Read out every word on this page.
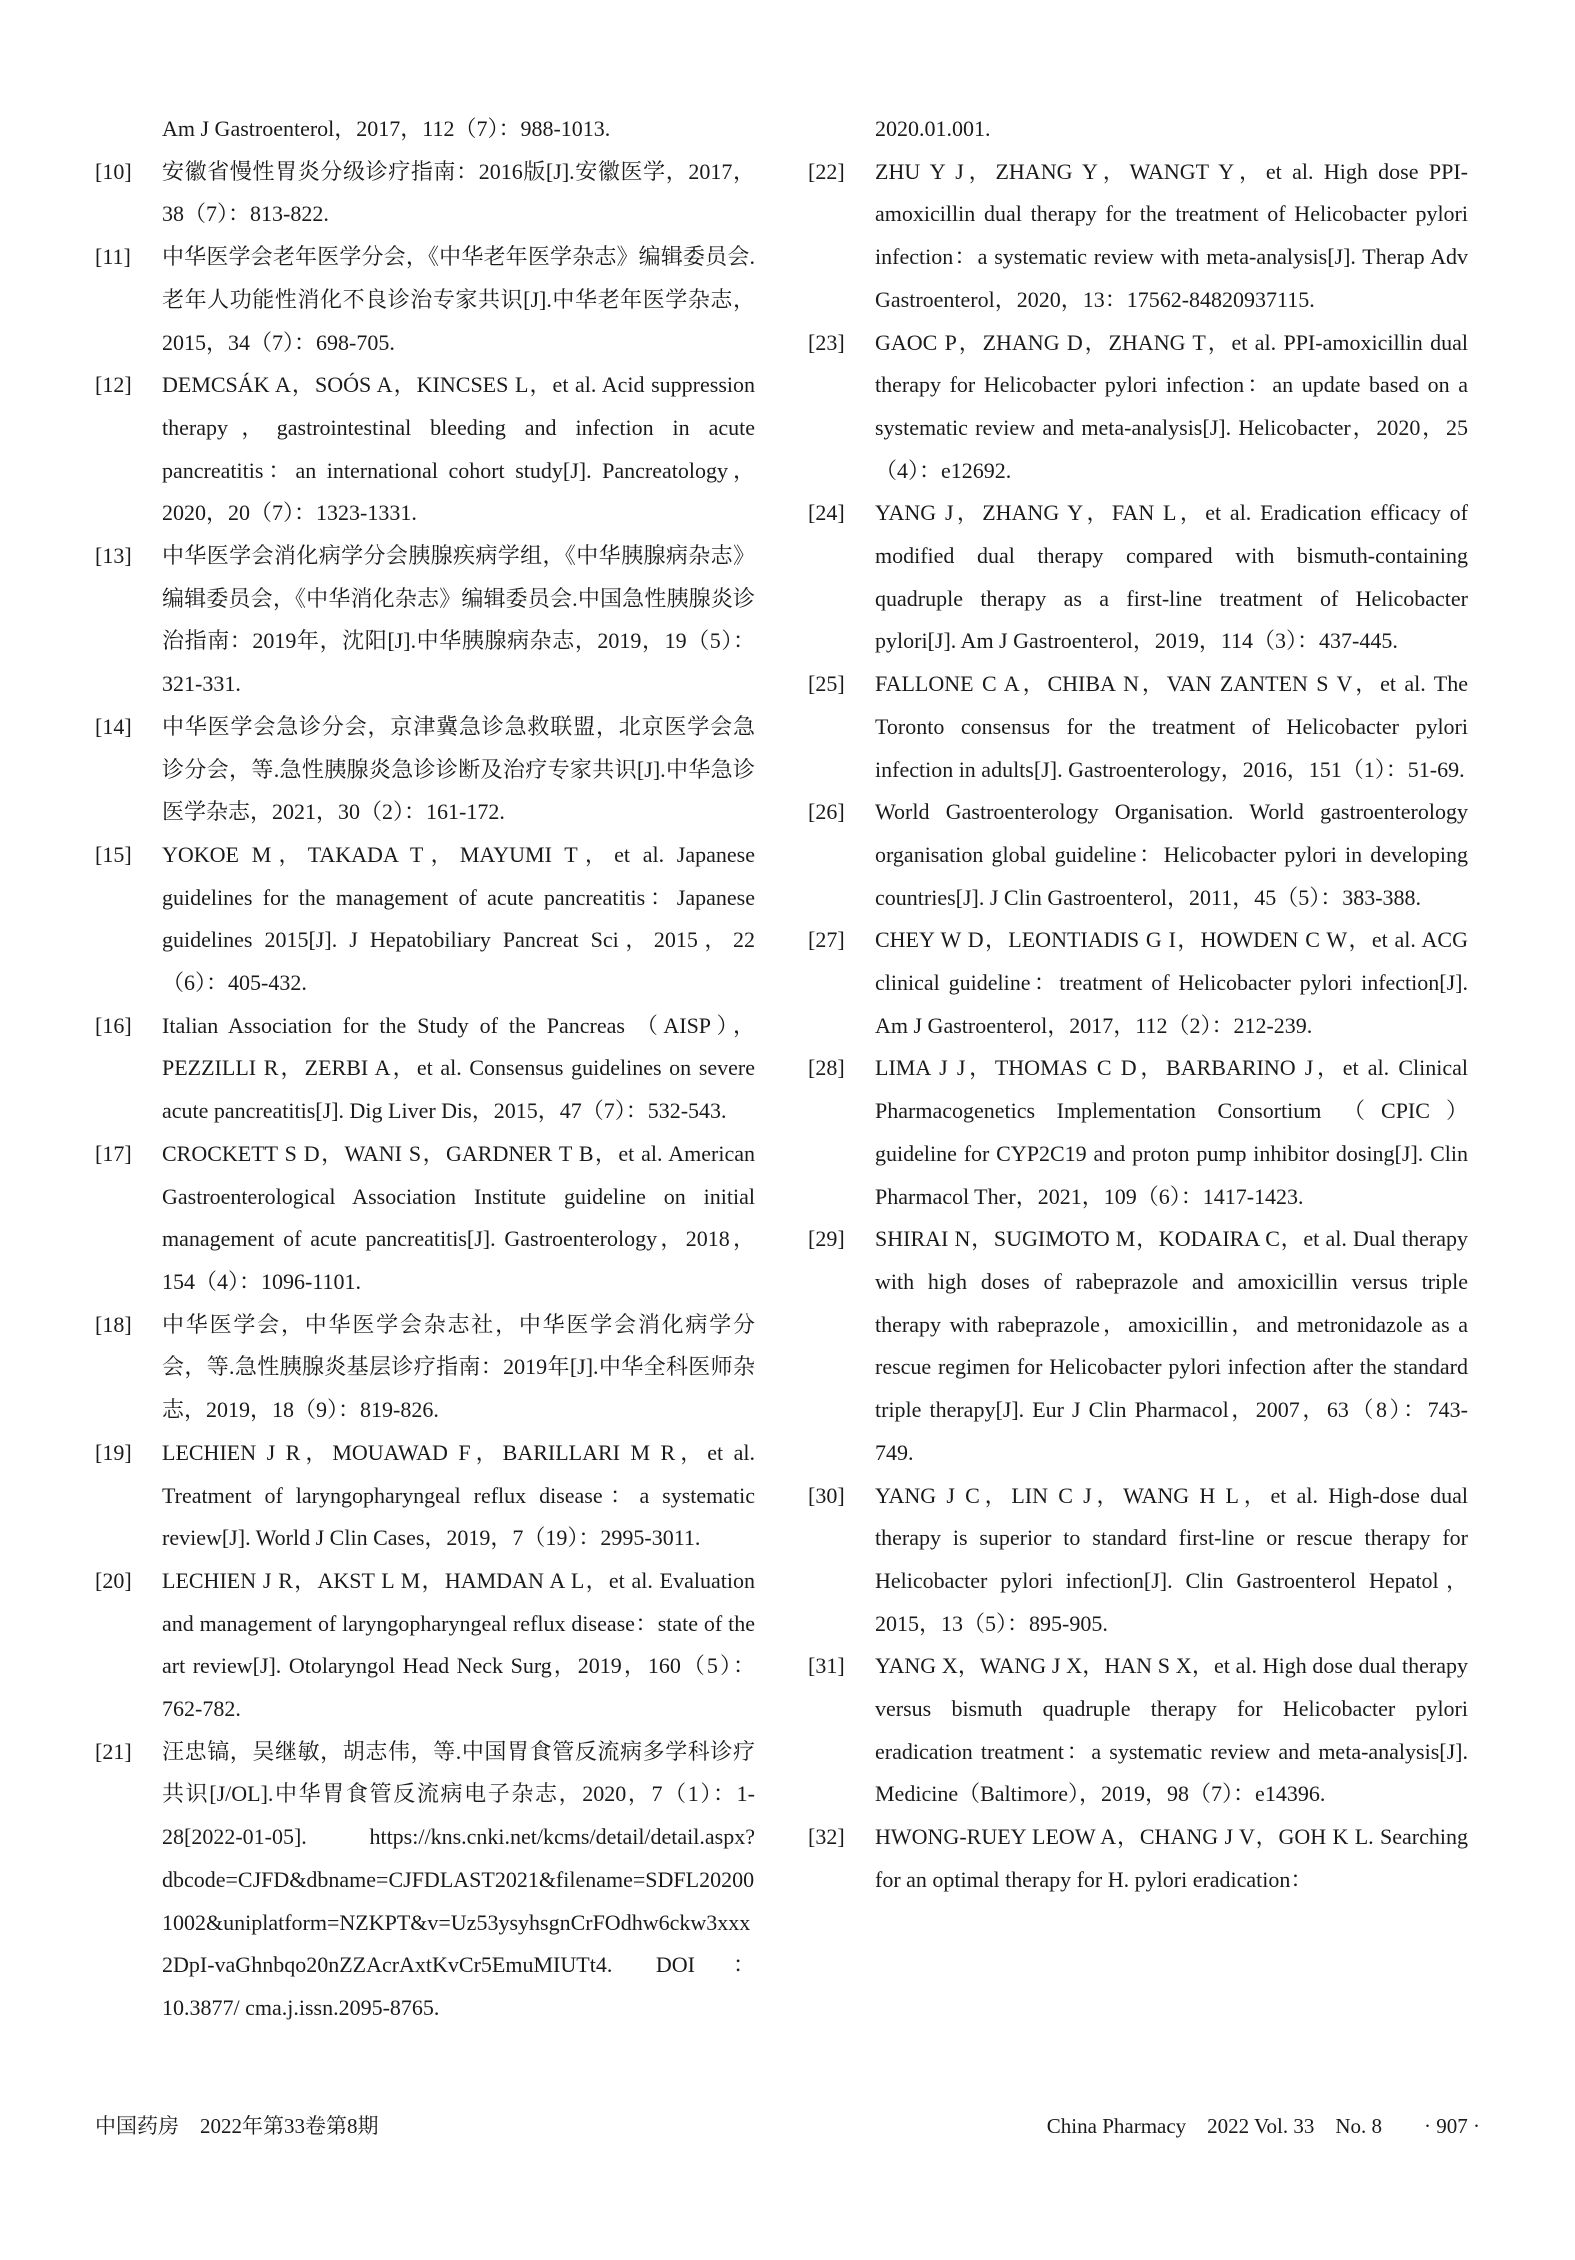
Am J Gastroenterol，2017，112（7）：988-1013.
[10] 安徽省慢性胃炎分级诊疗指南：2016版[J].安徽医学，2017，38（7）：813-822.
[11] 中华医学会老年医学分会，《中华老年医学杂志》编辑委员会.老年人功能性消化不良诊治专家共识[J].中华老年医学杂志，2015，34（7）：698-705.
[12] DEMCSÁK A，SOÓS A，KINCSES L，et al. Acid suppression therapy，gastrointestinal bleeding and infection in acute pancreatitis：an international cohort study[J]. Pancreatology，2020，20（7）：1323-1331.
[13] 中华医学会消化病学分会胰腺疾病学组，《中华胰腺病杂志》编辑委员会，《中华消化杂志》编辑委员会.中国急性胰腺炎诊治指南：2019年，沈阳[J].中华胰腺病杂志，2019，19（5）：321-331.
[14] 中华医学会急诊分会，京津冀急诊急救联盟，北京医学会急诊分会，等.急性胰腺炎急诊诊断及治疗专家共识[J].中华急诊医学杂志，2021，30（2）：161-172.
[15] YOKOE M，TAKADA T，MAYUMI T，et al. Japanese guidelines for the management of acute pancreatitis：Japanese guidelines 2015[J]. J Hepatobiliary Pancreat Sci，2015，22（6）：405-432.
[16] Italian Association for the Study of the Pancreas （AISP），PEZZILLI R，ZERBI A，et al. Consensus guidelines on severe acute pancreatitis[J]. Dig Liver Dis，2015，47（7）：532-543.
[17] CROCKETT S D，WANI S，GARDNER T B，et al. American Gastroenterological Association Institute guideline on initial management of acute pancreatitis[J]. Gastroenterology，2018，154（4）：1096-1101.
[18] 中华医学会，中华医学会杂志社，中华医学会消化病学分会，等.急性胰腺炎基层诊疗指南：2019年[J].中华全科医师杂志，2019，18（9）：819-826.
[19] LECHIEN J R，MOUAWAD F，BARILLARI M R，et al. Treatment of laryngopharyngeal reflux disease：a systematic review[J]. World J Clin Cases，2019，7（19）：2995-3011.
[20] LECHIEN J R，AKST L M，HAMDAN A L，et al. Evaluation and management of laryngopharyngeal reflux disease：state of the art review[J]. Otolaryngol Head Neck Surg，2019，160（5）：762-782.
[21] 汪忠镐，吴继敏，胡志伟，等.中国胃食管反流病多学科诊疗共识[J/OL].中华胃食管反流病电子杂志，2020，7（1）：1-28[2022-01-05]. https://kns.cnki.net/kcms/detail/detail.aspx?dbcode=CJFD&dbname=CJFDLAST2021&filename=SDFL202001002&uniplatform=NZKPT&v=Uz53ysyhsgnCrFOdhw6ckw3xxx2DpI-vaGhnbqo20nZZAcrAxtKvCr5EmuMIUTt4. DOI：10.3877/ cma.j.issn.2095-8765.
2020.01.001.
[22] ZHU Y J，ZHANG Y，WANGT Y，et al. High dose PPI-amoxicillin dual therapy for the treatment of Helicobacter pylori infection：a systematic review with meta-analysis[J]. Therap Adv Gastroenterol，2020，13：17562-84820937115.
[23] GAOC P，ZHANG D，ZHANG T，et al. PPI-amoxicillin dual therapy for Helicobacter pylori infection：an update based on a systematic review and meta-analysis[J]. Helicobacter，2020，25（4）：e12692.
[24] YANG J，ZHANG Y，FAN L，et al. Eradication efficacy of modified dual therapy compared with bismuth-containing quadruple therapy as a first-line treatment of Helicobacter pylori[J]. Am J Gastroenterol，2019，114（3）：437-445.
[25] FALLONE C A，CHIBA N，VAN ZANTEN S V，et al. The Toronto consensus for the treatment of Helicobacter pylori infection in adults[J]. Gastroenterology，2016，151（1）：51-69.
[26] World Gastroenterology Organisation. World gastroenterology organisation global guideline：Helicobacter pylori in developing countries[J]. J Clin Gastroenterol，2011，45（5）：383-388.
[27] CHEY W D，LEONTIADIS G I，HOWDEN C W，et al. ACG clinical guideline：treatment of Helicobacter pylori infection[J]. Am J Gastroenterol，2017，112（2）：212-239.
[28] LIMA J J，THOMAS C D，BARBARINO J，et al. Clinical Pharmacogenetics Implementation Consortium （CPIC） guideline for CYP2C19 and proton pump inhibitor dosing[J]. Clin Pharmacol Ther，2021，109（6）：1417-1423.
[29] SHIRAI N，SUGIMOTO M，KODAIRA C，et al. Dual therapy with high doses of rabeprazole and amoxicillin versus triple therapy with rabeprazole，amoxicillin，and metronidazole as a rescue regimen for Helicobacter pylori infection after the standard triple therapy[J]. Eur J Clin Pharmacol，2007，63（8）：743-749.
[30] YANG J C，LIN C J，WANG H L，et al. High-dose dual therapy is superior to standard first-line or rescue therapy for Helicobacter pylori infection[J]. Clin Gastroenterol Hepatol，2015，13（5）：895-905.
[31] YANG X，WANG J X，HAN S X，et al. High dose dual therapy versus bismuth quadruple therapy for Helicobacter pylori eradication treatment：a systematic review and meta-analysis[J]. Medicine（Baltimore），2019，98（7）：e14396.
[32] HWONG-RUEY LEOW A，CHANG J V，GOH K L. Searching for an optimal therapy for H. pylori eradication：
中国药房　2022年第33卷第8期	China Pharmacy　2022 Vol. 33　No. 8　　· 907 ·
